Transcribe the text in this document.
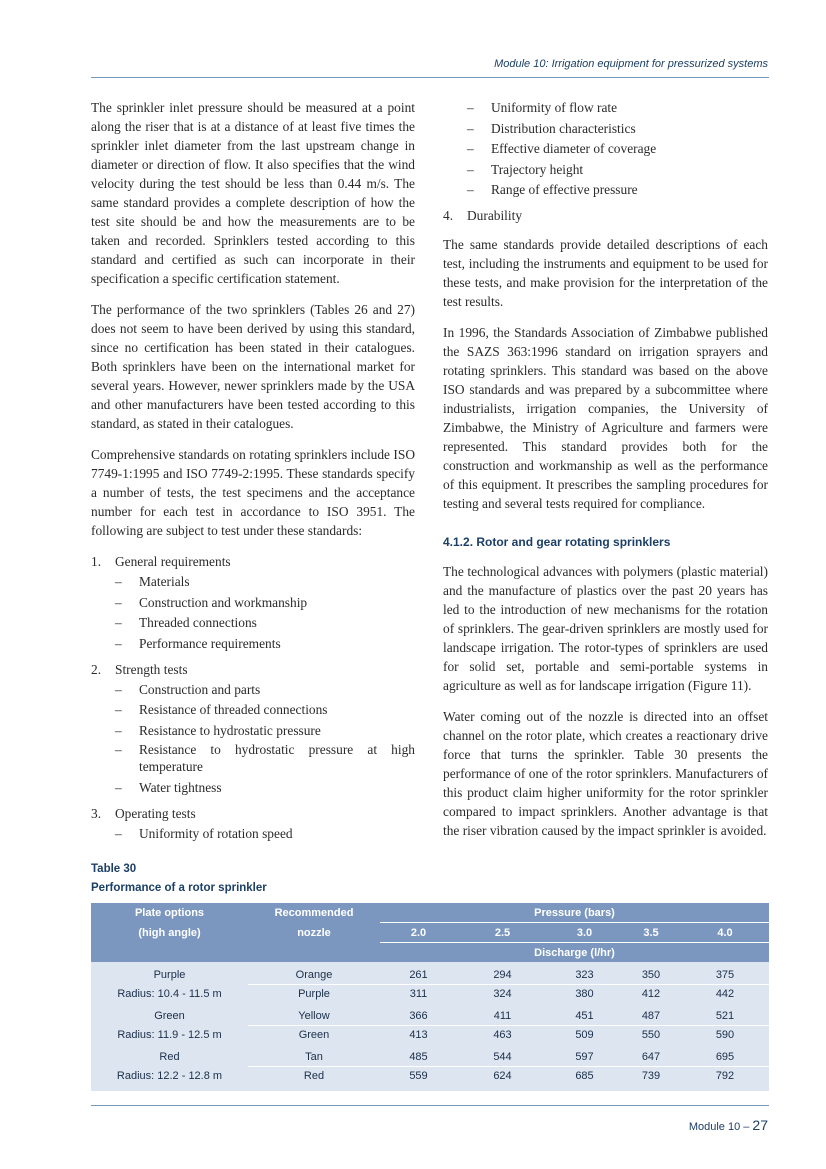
Module 10: Irrigation equipment for pressurized systems

The sprinkler inlet pressure should be measured at a point along the riser that is at a distance of at least five times the sprinkler inlet diameter from the last upstream change in diameter or direction of flow. It also specifies that the wind velocity during the test should be less than 0.44 m/s. The same standard provides a complete description of how the test site should be and how the measurements are to be taken and recorded. Sprinklers tested according to this standard and certified as such can incorporate in their specification a specific certification statement.

The performance of the two sprinklers (Tables 26 and 27) does not seem to have been derived by using this standard, since no certification has been stated in their catalogues. Both sprinklers have been on the international market for several years. However, newer sprinklers made by the USA and other manufacturers have been tested according to this standard, as stated in their catalogues.

Comprehensive standards on rotating sprinklers include ISO 7749-1:1995 and ISO 7749-2:1995. These standards specify a number of tests, the test specimens and the acceptance number for each test in accordance to ISO 3951. The following are subject to test under these standards:

1. General requirements
– Materials
– Construction and workmanship
– Threaded connections
– Performance requirements
2. Strength tests
– Construction and parts
– Resistance of threaded connections
– Resistance to hydrostatic pressure
– Resistance to hydrostatic pressure at high temperature
– Water tightness
3. Operating tests
– Uniformity of rotation speed
– Uniformity of flow rate
– Distribution characteristics
– Effective diameter of coverage
– Trajectory height
– Range of effective pressure
4. Durability

The same standards provide detailed descriptions of each test, including the instruments and equipment to be used for these tests, and make provision for the interpretation of the test results.

In 1996, the Standards Association of Zimbabwe published the SAZS 363:1996 standard on irrigation sprayers and rotating sprinklers. This standard was based on the above ISO standards and was prepared by a subcommittee where industrialists, irrigation companies, the University of Zimbabwe, the Ministry of Agriculture and farmers were represented. This standard provides both for the construction and workmanship as well as the performance of this equipment. It prescribes the sampling procedures for testing and several tests required for compliance.

4.1.2. Rotor and gear rotating sprinklers

The technological advances with polymers (plastic material) and the manufacture of plastics over the past 20 years has led to the introduction of new mechanisms for the rotation of sprinklers. The gear-driven sprinklers are mostly used for landscape irrigation. The rotor-types of sprinklers are used for solid set, portable and semi-portable systems in agriculture as well as for landscape irrigation (Figure 11).

Water coming out of the nozzle is directed into an offset channel on the rotor plate, which creates a reactionary drive force that turns the sprinkler. Table 30 presents the performance of one of the rotor sprinklers. Manufacturers of this product claim higher uniformity for the rotor sprinkler compared to impact sprinklers. Another advantage is that the riser vibration caused by the impact sprinkler is avoided.

Table 30
Performance of a rotor sprinkler
Plate options	Recommended	Pressure (bars)				
(high angle)	nozzle	2.0	2.5	3.0	3.5	4.0
		Discharge (l/hr)				

Purple	Orange	261	294	323	350	375
Radius: 10.4 - 11.5 m	Purple	311	324	380	412	442

Green	Yellow	366	411	451	487	521
Radius: 11.9 - 12.5 m	Green	413	463	509	550	590

Red	Tan	485	544	597	647	695
Radius: 12.2 - 12.8 m	Red	559	624	685	739	792

Module 10 – 27
